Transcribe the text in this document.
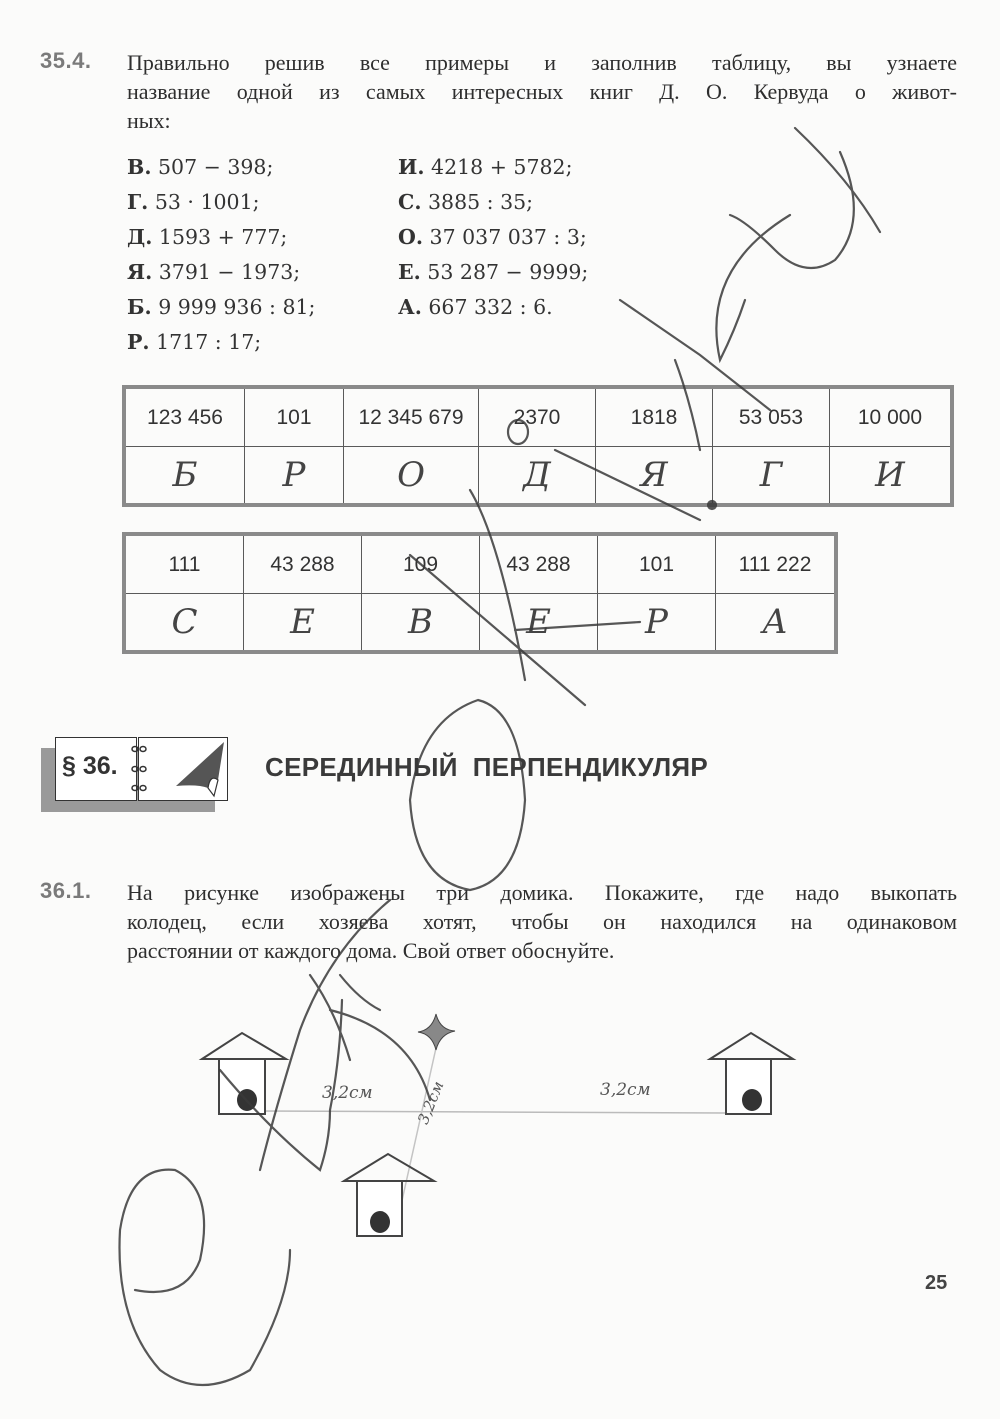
35.4. Правильно решив все примеры и заполнив таблицу, вы узнаете
название одной из самых интересных книг Д. О. Кервуда о живот-
ных:
В. 507 − 398;
Г. 53 · 1001;
Д. 1593 + 777;
Я. 3791 − 1973;
Б. 9 999 936 : 81;
Р. 1717 : 17;
И. 4218 + 5782;
С. 3885 : 35;
О. 37 037 037 : 3;
Е. 53 287 − 9999;
А. 667 332 : 6.
123 456	101	12 345 679	2370	1818	53 053	10 000
Б	Р	О	Д	Я	Г	И
111	43 288	109	43 288	101	111 222
С	Е	В	Е	Р	А
§ 36.	СЕРЕДИННЫЙ  ПЕРПЕНДИКУЛЯР
36.1. На рисунке изображены три домика. Покажите, где надо выкопать
колодец, если хозяева хотят, чтобы он находился на одинаковом
расстоянии от каждого дома. Свой ответ обоснуйте.
3,2см	3,2см
3,2см
25
